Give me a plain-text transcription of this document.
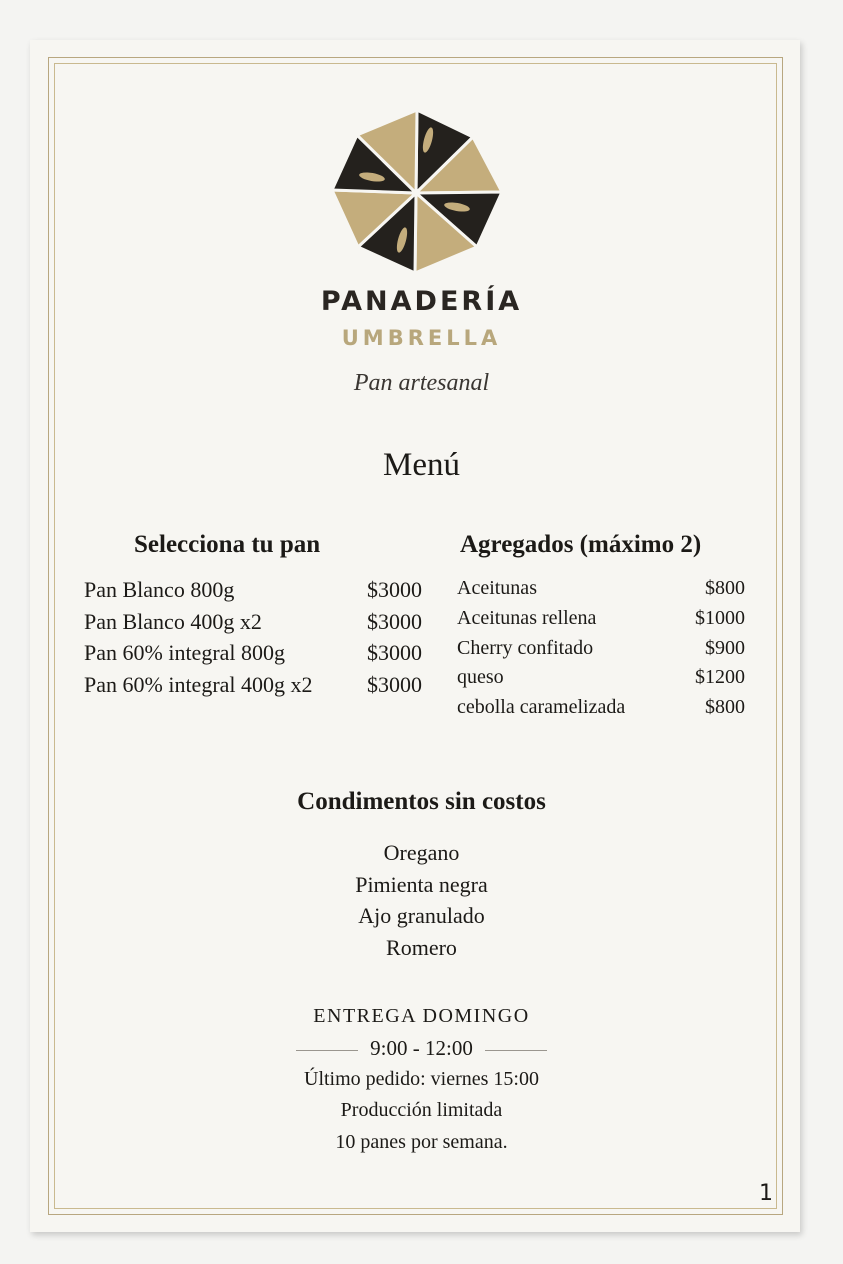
PANADERÍA
UMBRELLA
Pan artesanal
Menú
Selecciona tu pan
Pan Blanco 800g	$3000
Pan Blanco 400g x2	$3000
Pan 60% integral 800g	$3000
Pan 60% integral 400g x2 $3000
Agregados (máximo 2)
Aceitunas	$800
Aceitunas rellena	$1000
Cherry confitado	$900
queso	$1200
cebolla caramelizada	$800
Condimentos sin costos
Oregano
Pimienta negra
Ajo granulado
Romero
ENTREGA DOMINGO
9:00 - 12:00
Último pedido: viernes 15:00
Producción limitada
10 panes por semana.
1
